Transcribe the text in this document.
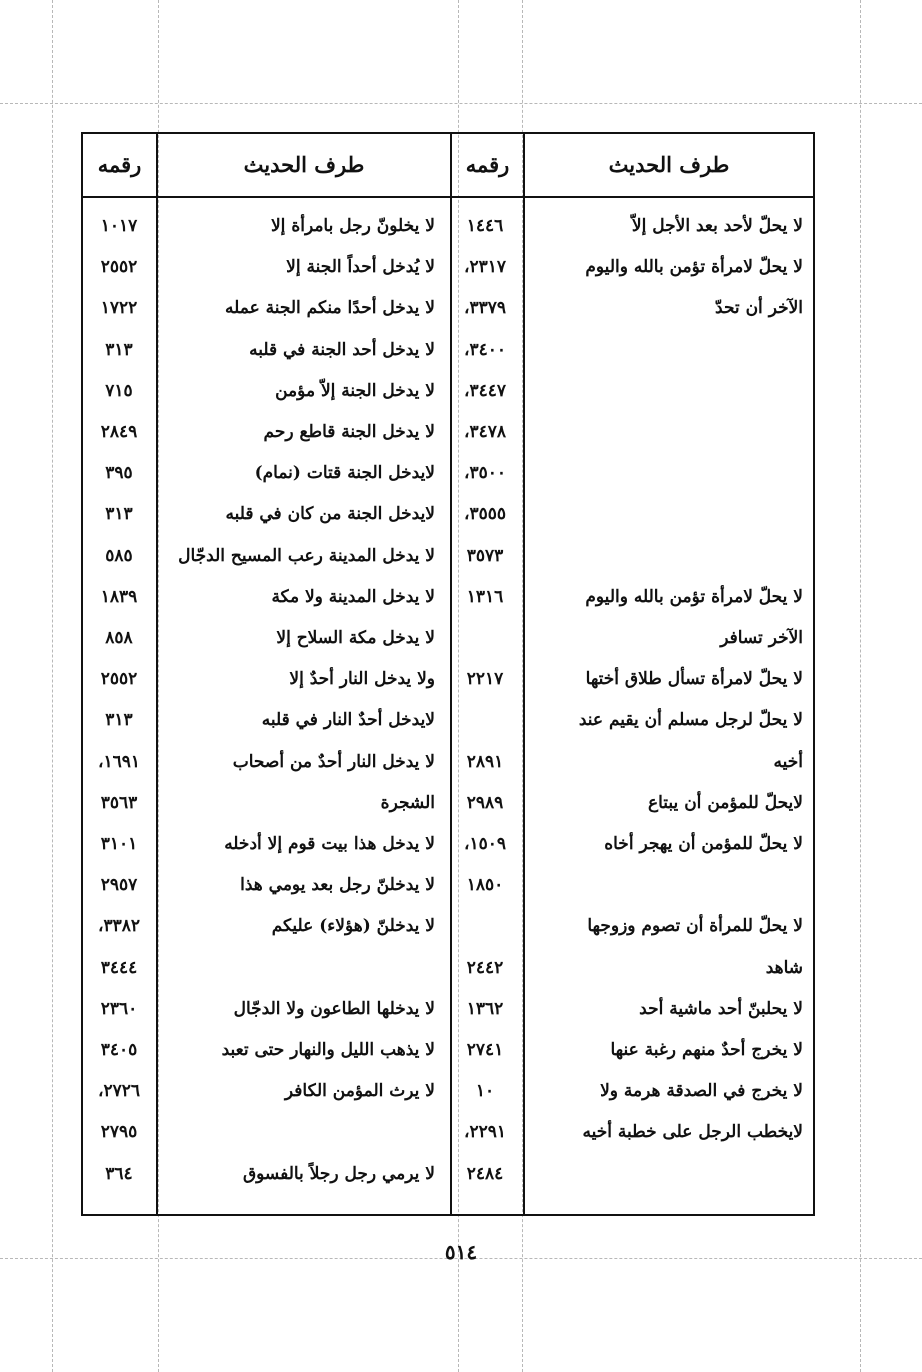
طرف الحديث
رقمه
طرف الحديث
رقمه
لا يحلّ لأحد بعد الأجل إلاّ
١٤٤٦
لا يحلّ لامرأة تؤمن بالله واليوم
٢٣١٧،
الآخر أن تحدّ
٣٣٧٩،
٣٤٠٠،
٣٤٤٧،
٣٤٧٨،
٣٥٠٠،
٣٥٥٥،
٣٥٧٣
لا يحلّ لامرأة تؤمن بالله واليوم
١٣١٦
الآخر تسافر
لا يحلّ لامرأة تسأل طلاق أختها
٢٢١٧
لا يحلّ لرجل مسلم أن يقيم عند
أخيه
٢٨٩١
لايحلّ للمؤمن أن يبتاع
٢٩٨٩
لا يحلّ للمؤمن أن يهجر أخاه
١٥٠٩،
١٨٥٠
لا يحلّ للمرأة أن تصوم وزوجها
شاهد
٢٤٤٢
لا يحلبنّ أحد ماشية أحد
١٣٦٢
لا يخرج أحدٌ منهم رغبة عنها
٢٧٤١
لا يخرج في الصدقة هرمة ولا
١٠
لايخطب الرجل على خطبة أخيه
٢٢٩١،
٢٤٨٤
لا يخلونّ رجل بامرأة إلا
١٠١٧
لا يُدخل أحداً الجنة إلا
٢٥٥٢
لا يدخل أحدًا منكم الجنة عمله
١٧٢٢
لا يدخل أحد الجنة في قلبه
٣١٣
لا يدخل الجنة إلاّ مؤمن
٧١٥
لا يدخل الجنة قاطع رحم
٢٨٤٩
لايدخل الجنة قتات (نمام)
٣٩٥
لايدخل الجنة من كان في قلبه
٣١٣
لا يدخل المدينة رعب المسيح الدجّال
٥٨٥
لا يدخل المدينة ولا مكة
١٨٣٩
لا يدخل مكة السلاح إلا
٨٥٨
ولا يدخل النار أحدٌ إلا
٢٥٥٢
لايدخل أحدٌ النار في قلبه
٣١٣
لا يدخل النار أحدٌ من أصحاب
١٦٩١،
الشجرة
٣٥٦٣
لا يدخل هذا بيت قوم إلا أدخله
٣١٠١
لا يدخلنّ رجل بعد يومي هذا
٢٩٥٧
لا يدخلنّ (هؤلاء) عليكم
٣٣٨٢،
٣٤٤٤
لا يدخلها الطاعون ولا الدجّال
٢٣٦٠
لا يذهب الليل والنهار حتى تعبد
٣٤٠٥
لا يرث المؤمن الكافر
٢٧٢٦،
٢٧٩٥
لا يرمي رجل رجلاً بالفسوق
٣٦٤
٥١٤
